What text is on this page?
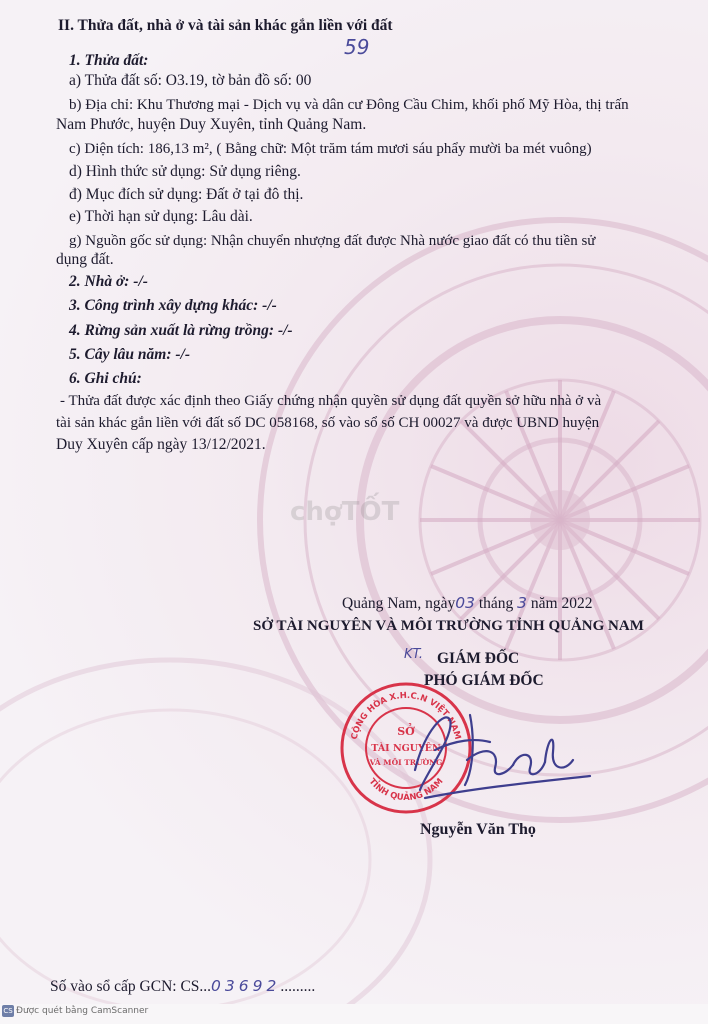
II. Thửa đất, nhà ở và tài sản khác gắn liền với đất
59
1. Thửa đất:
a) Thửa đất số: O3.19, tờ bản đồ số: 00
b) Địa chỉ: Khu Thương mại - Dịch vụ và dân cư Đông Cầu Chim, khối phố Mỹ Hòa, thị trấn
Nam Phước, huyện Duy Xuyên, tỉnh Quảng Nam.
c) Diện tích: 186,13 m², ( Bằng chữ: Một trăm tám mươi sáu phẩy mười ba mét vuông)
d) Hình thức sử dụng: Sử dụng riêng.
đ) Mục đích sử dụng: Đất ở tại đô thị.
e) Thời hạn sử dụng: Lâu dài.
g) Nguồn gốc sử dụng: Nhận chuyển nhượng đất được Nhà nước giao đất có thu tiền sử
dụng đất.
2. Nhà ở: -/-
3. Công trình xây dựng khác: -/-
4. Rừng sản xuất là rừng trồng: -/-
5. Cây lâu năm: -/-
6. Ghi chú:
- Thửa đất được xác định theo Giấy chứng nhận quyền sử dụng đất quyền sở hữu nhà ở và
tài sản khác gắn liền với đất số DC 058168, số vào sổ số CH 00027 và được UBND huyện
Duy Xuyên cấp ngày 13/12/2021.
chợTỐT
Quảng Nam, ngày03 tháng 3 năm 2022
SỞ TÀI NGUYÊN VÀ MÔI TRƯỜNG TỈNH QUẢNG NAM
KT. GIÁM ĐỐC
PHÓ GIÁM ĐỐC
CỘNG HÒA X.H.C.N VIỆT NAM
TỈNH QUẢNG NAM
SỞ
TÀI NGUYÊN
VÀ MÔI TRƯỜNG
Nguyễn Văn Thọ
Số vào sổ cấp GCN: CS...03692.........
CS Được quét bằng CamScanner
